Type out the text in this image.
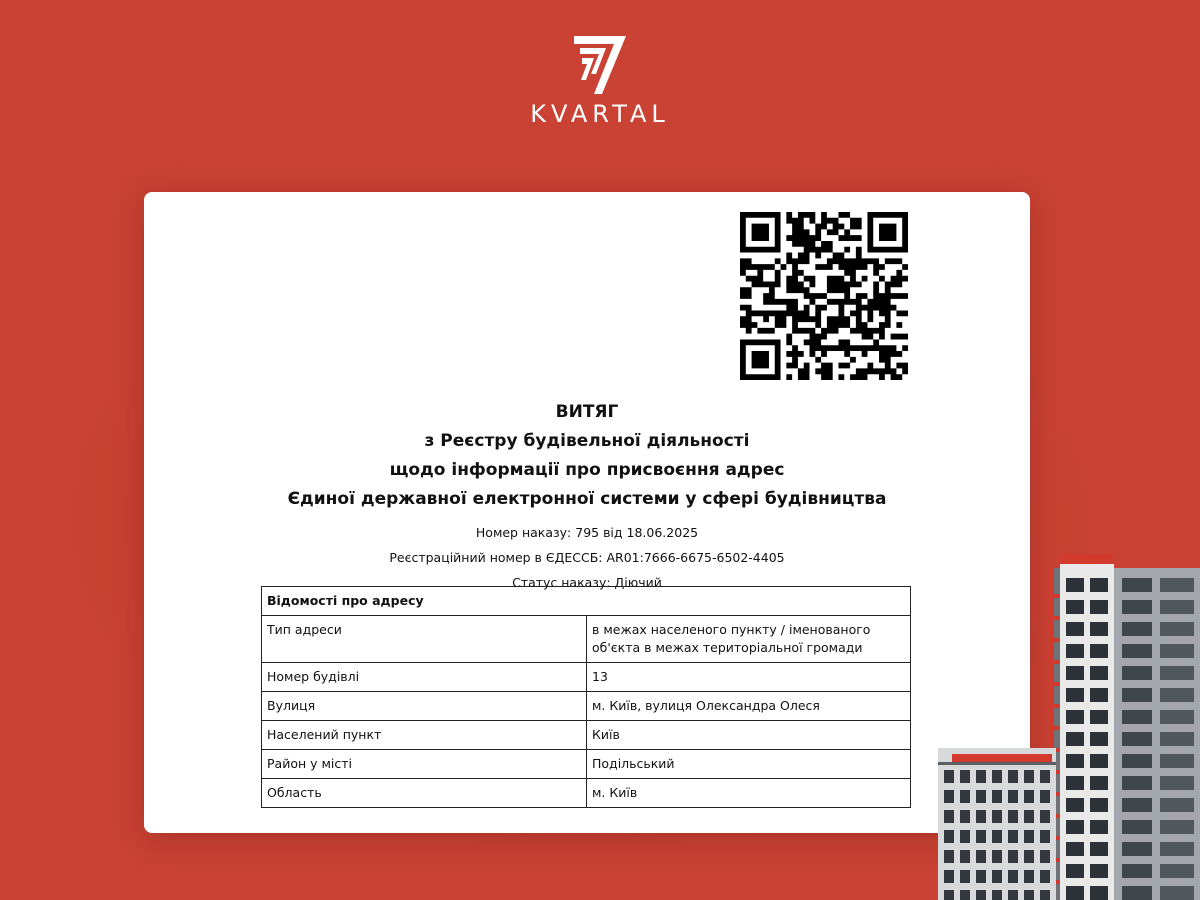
KVARTAL
ВИТЯГ
з Реєстру будівельної діяльності
щодо інформації про присвоєння адрес
Єдиної державної електронної системи у сфері будівництва
Номер наказу: 795 від 18.06.2025
Реєстраційний номер в ЄДЕССБ: AR01:7666-6675-6502-4405
Статус наказу: Діючий
Відомості про адресу	
Тип адреси	в межах населеного пункту / іменованого об'єкта в межах територіальної громади
Номер будівлі	13
Вулиця	м. Київ, вулиця Олександра Олеся
Населений пункт	Київ
Район у місті	Подільський
Область	м. Київ
